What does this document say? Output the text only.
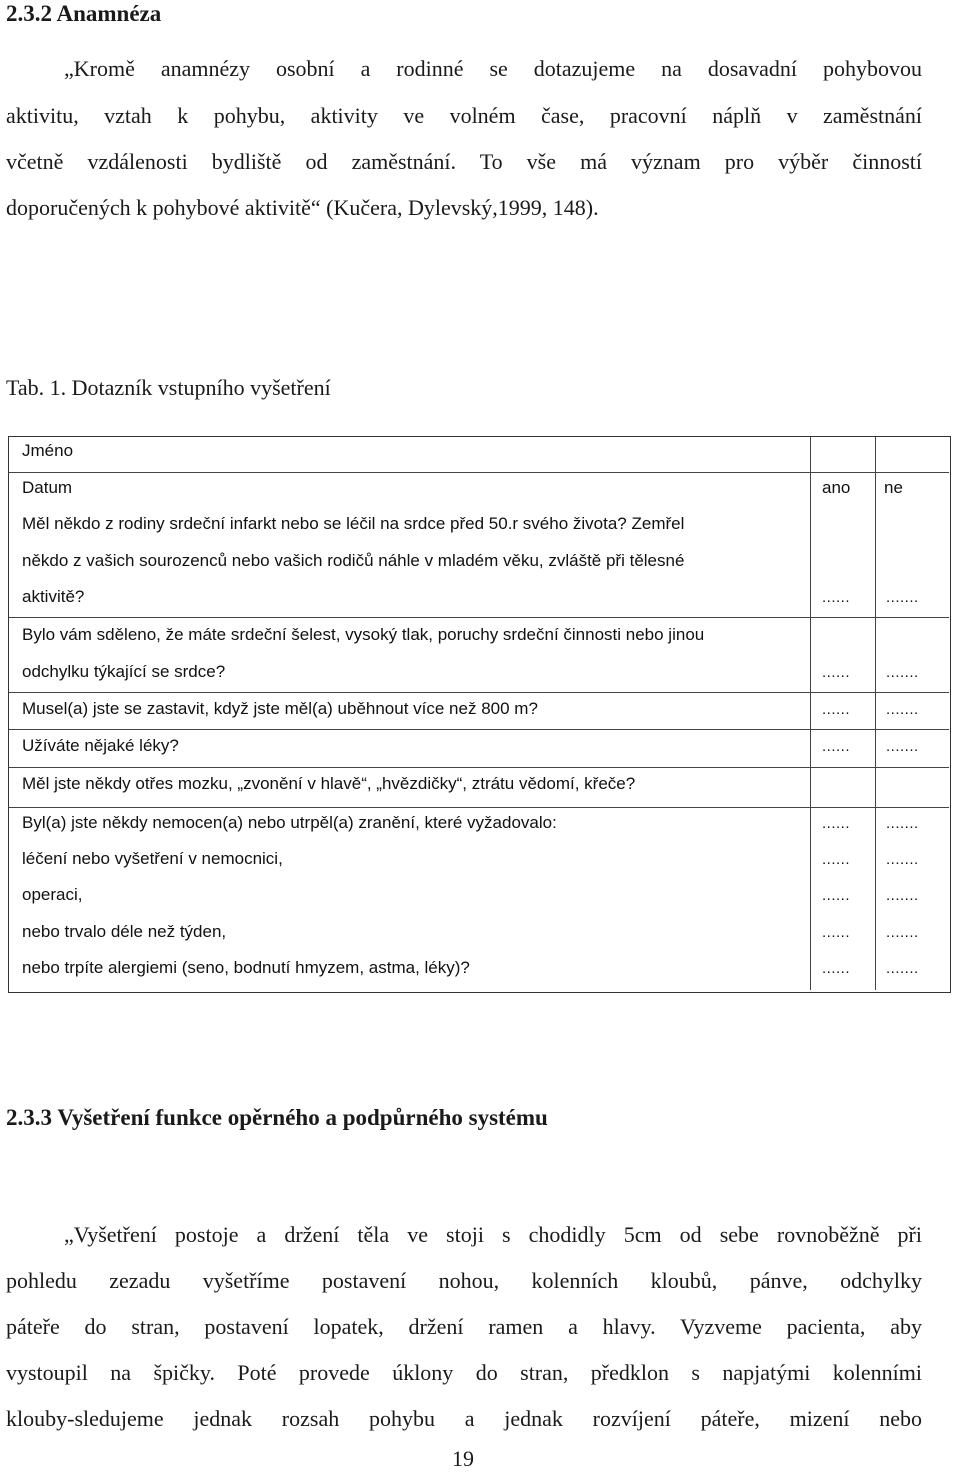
2.3.2 Anamnéza
„Kromě anamnézy osobní a rodinné se dotazujeme na dosavadní pohybovou
aktivitu, vztah k pohybu, aktivity ve volném čase, pracovní náplň v zaměstnání
včetně vzdálenosti bydliště od zaměstnání. To vše má význam pro výběr činností
doporučených k pohybové aktivitě“ (Kučera, Dylevský,1999, 148).
Tab. 1. Dotazník vstupního vyšetření
Jméno
Datum	ano ne
Měl někdo z rodiny srdeční infarkt nebo se léčil na srdce před 50.r svého života? Zemřel
někdo z vašich sourozenců nebo vašich rodičů náhle v mladém věku, zvláště při tělesné
aktivitě?	...... .......
Bylo vám sděleno, že máte srdeční šelest, vysoký tlak, poruchy srdeční činnosti nebo jinou
odchylku týkající se srdce?	...... .......
Musel(a) jste se zastavit, když jste měl(a) uběhnout více než 800 m?	...... .......
Užíváte nějaké léky?	...... .......
Měl jste někdy otřes mozku, „zvonění v hlavě“, „hvězdičky“, ztrátu vědomí, křeče?
Byl(a) jste někdy nemocen(a) nebo utrpěl(a) zranění, které vyžadovalo:	...... .......
léčení nebo vyšetření v nemocnici,	...... .......
operaci,	...... .......
nebo trvalo déle než týden,	...... .......
nebo trpíte alergiemi (seno, bodnutí hmyzem, astma, léky)?	...... .......
2.3.3 Vyšetření funkce opěrného a podpůrného systému
„Vyšetření postoje a držení těla ve stoji s chodidly 5cm od sebe rovnoběžně při
pohledu zezadu vyšetříme postavení nohou, kolenních kloubů, pánve, odchylky
páteře do stran, postavení lopatek, držení ramen a hlavy. Vyzveme pacienta, aby
vystoupil na špičky. Poté provede úklony do stran, předklon s napjatými kolenními
klouby-sledujeme jednak rozsah pohybu a jednak rozvíjení páteře, mizení nebo
19
